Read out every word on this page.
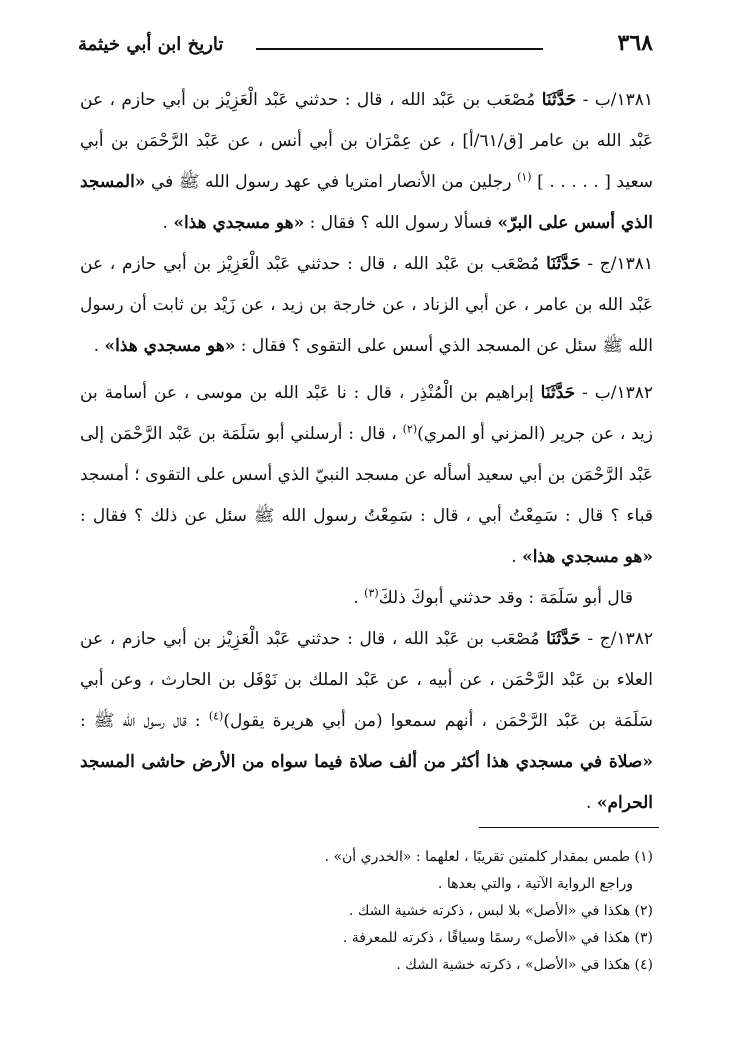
٣٦٨
تاريخ ابن أبي خيثمة

١٣٨١/ب - حَدَّثَنَا مُصْعَب بن عَبْد الله ، قال : حدثني عَبْد الْعَزِيْز بن أبي حازم ، عن عَبْد الله بن عامر [ق/٦١/أ] ، عن عِمْرَان بن أبي أنس ، عن عَبْد الرَّحْمَن بن أبي سعيد [ . . . . . ] $^{(١)}$ رجلين من الأنصار امتريا في عهد رسول الله ﷺ في «المسجد الذي أسس على البرّ» فسألا رسول الله ؟ فقال : «هو مسجدي هذا» .

١٣٨١/ج - حَدَّثَنَا مُصْعَب بن عَبْد الله ، قال : حدثني عَبْد الْعَزِيْز بن أبي حازم ، عن عَبْد الله بن عامر ، عن أبي الزناد ، عن خارجة بن زيد ، عن زَيْد بن ثابت أن رسول الله ﷺ سئل عن المسجد الذي أسس على التقوى ؟ فقال : «هو مسجدي هذا» .

١٣٨٢/ب - حَدَّثَنَا إبراهيم بن الْمُنْذِر ، قال : نا عَبْد الله بن موسى ، عن أسامة بن زيد ، عن جرير (المزني أو المري)$^{(٢)}$ ، قال : أرسلني أبو سَلَمَة بن عَبْد الرَّحْمَن إلى عَبْد الرَّحْمَن بن أبي سعيد أسأله عن مسجد النبيّ الذي أسس على التقوى ؛ أمسجد قباء ؟ قال : سَمِعْتُ أبي ، قال : سَمِعْتُ رسول الله ﷺ سئل عن ذلك ؟ فقال : «هو مسجدي هذا» .

قال أبو سَلَمَة : وقد حدثني أبوكَ ذلكَ$^{(٣)}$ .

١٣٨٢/ج - حَدَّثَنَا مُصْعَب بن عَبْد الله ، قال : حدثني عَبْد الْعَزِيْز بن أبي حازم ، عن العلاء بن عَبْد الرَّحْمَن ، عن أبيه ، عن عَبْد الملك بن نَوْفَل بن الحارث ، وعن أبي سَلَمَة بن عَبْد الرَّحْمَن ، أنهم سمعوا (من أبي هريرة يقول)$^{(٤)}$ : قال رسول الله ﷺ : «صلاة في مسجدي هذا أكثر من ألف صلاة فيما سواه من الأرض حاشى المسجد الحرام» .

(١) طمس بمقدار كلمتين تقريبًا ، لعلهما : «الخدري أن» .

وراجع الرواية الآتية ، والتي بعدها .

(٢) هكذا في «الأصل» بلا لبس ، ذكرته خشية الشك .

(٣) هكذا في «الأصل» رسمًا وسياقًا ، ذكرته للمعرفة .

(٤) هكذا في «الأصل» ، ذكرته خشية الشك .
